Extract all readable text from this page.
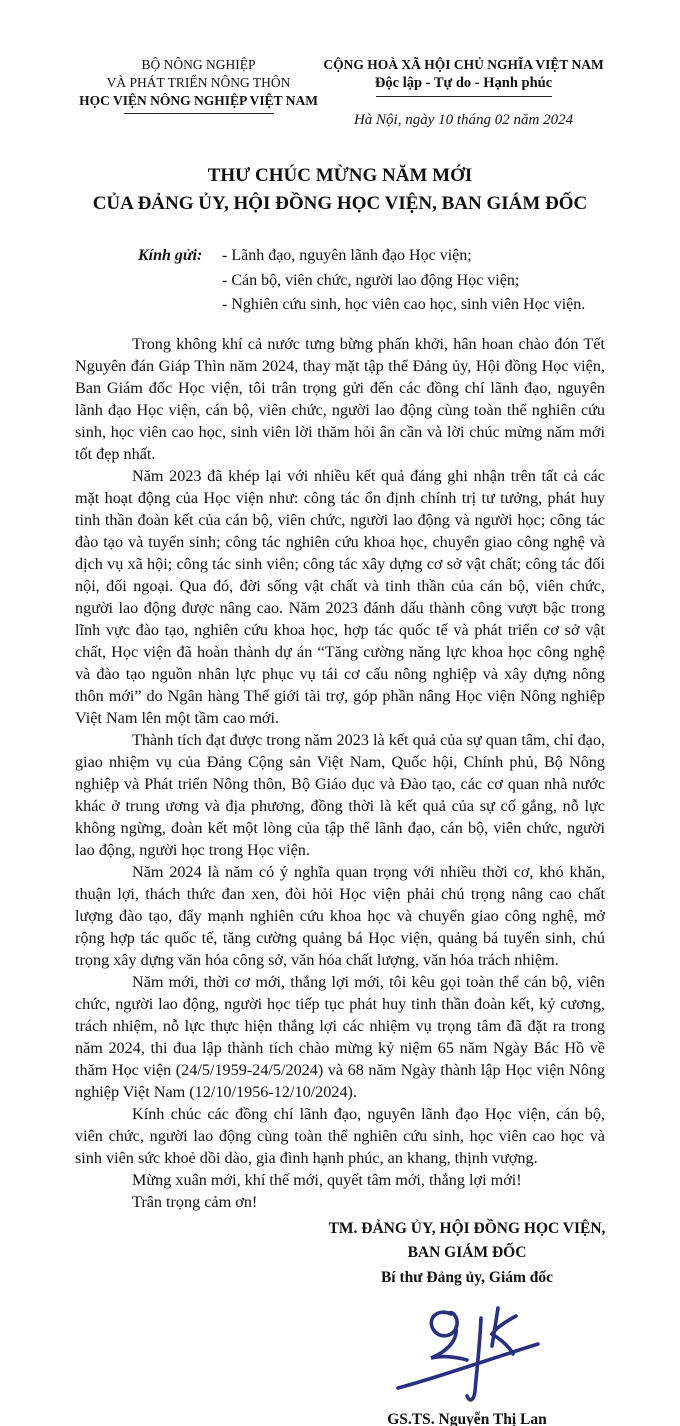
BỘ NÔNG NGHIỆP
VÀ PHÁT TRIỂN NÔNG THÔN
HỌC VIỆN NÔNG NGHIỆP VIỆT NAM
CỘNG HOÀ XÃ HỘI CHỦ NGHĨA VIỆT NAM
Độc lập - Tự do - Hạnh phúc
Hà Nội, ngày 10 tháng 02 năm 2024
THƯ CHÚC MỪNG NĂM MỚI
CỦA ĐẢNG ỦY, HỘI ĐỒNG HỌC VIỆN, BAN GIÁM ĐỐC
Kính gửi:	- Lãnh đạo, nguyên lãnh đạo Học viện;
- Cán bộ, viên chức, người lao động Học viện;
- Nghiên cứu sinh, học viên cao học, sinh viên Học viện.

Trong không khí cả nước tưng bừng phấn khởi, hân hoan chào đón Tết Nguyên đán Giáp Thìn năm 2024, thay mặt tập thể Đảng ủy, Hội đồng Học viện, Ban Giám đốc Học viện, tôi trân trọng gửi đến các đồng chí lãnh đạo, nguyên lãnh đạo Học viện, cán bộ, viên chức, người lao động cùng toàn thể nghiên cứu sinh, học viên cao học, sinh viên lời thăm hỏi ân cần và lời chúc mừng năm mới tốt đẹp nhất.

Năm 2023 đã khép lại với nhiều kết quả đáng ghi nhận trên tất cả các mặt hoạt động của Học viện như: công tác ổn định chính trị tư tưởng, phát huy tinh thần đoàn kết của cán bộ, viên chức, người lao động và người học; công tác đào tạo và tuyển sinh; công tác nghiên cứu khoa học, chuyển giao công nghệ và dịch vụ xã hội; công tác sinh viên; công tác xây dựng cơ sở vật chất; công tác đối nội, đối ngoại. Qua đó, đời sống vật chất và tinh thần của cán bộ, viên chức, người lao động được nâng cao. Năm 2023 đánh dấu thành công vượt bậc trong lĩnh vực đào tạo, nghiên cứu khoa học, hợp tác quốc tế và phát triển cơ sở vật chất, Học viện đã hoàn thành dự án “Tăng cường năng lực khoa học công nghệ và đào tạo nguồn nhân lực phục vụ tái cơ cấu nông nghiệp và xây dựng nông thôn mới” do Ngân hàng Thế giới tài trợ, góp phần nâng Học viện Nông nghiệp Việt Nam lên một tầm cao mới.

Thành tích đạt được trong năm 2023 là kết quả của sự quan tâm, chỉ đạo, giao nhiệm vụ của Đảng Cộng sản Việt Nam, Quốc hội, Chính phủ, Bộ Nông nghiệp và Phát triển Nông thôn, Bộ Giáo dục và Đào tạo, các cơ quan nhà nước khác ở trung ương và địa phương, đồng thời là kết quả của sự cố gắng, nỗ lực không ngừng, đoàn kết một lòng của tập thể lãnh đạo, cán bộ, viên chức, người lao động, người học trong Học viện.

Năm 2024 là năm có ý nghĩa quan trọng với nhiều thời cơ, khó khăn, thuận lợi, thách thức đan xen, đòi hỏi Học viện phải chú trọng nâng cao chất lượng đào tạo, đẩy mạnh nghiên cứu khoa học và chuyển giao công nghệ, mở rộng hợp tác quốc tế, tăng cường quảng bá Học viện, quảng bá tuyển sinh, chú trọng xây dựng văn hóa công sở, văn hóa chất lượng, văn hóa trách nhiệm.

Năm mới, thời cơ mới, thắng lợi mới, tôi kêu gọi toàn thể cán bộ, viên chức, người lao động, người học tiếp tục phát huy tinh thần đoàn kết, kỷ cương, trách nhiệm, nỗ lực thực hiện thắng lợi các nhiệm vụ trọng tâm đã đặt ra trong năm 2024, thi đua lập thành tích chào mừng kỷ niệm 65 năm Ngày Bác Hồ về thăm Học viện (24/5/1959-24/5/2024) và 68 năm Ngày thành lập Học viện Nông nghiệp Việt Nam (12/10/1956-12/10/2024).

Kính chúc các đồng chí lãnh đạo, nguyên lãnh đạo Học viện, cán bộ, viên chức, người lao động cùng toàn thể nghiên cứu sinh, học viên cao học và sinh viên sức khoẻ dồi dào, gia đình hạnh phúc, an khang, thịnh vượng.

Mừng xuân mới, khí thế mới, quyết tâm mới, thắng lợi mới!

Trân trọng cảm ơn!

TM. ĐẢNG ỦY, HỘI ĐỒNG HỌC VIỆN,
BAN GIÁM ĐỐC
Bí thư Đảng ủy, Giám đốc
GS.TS. Nguyễn Thị Lan
